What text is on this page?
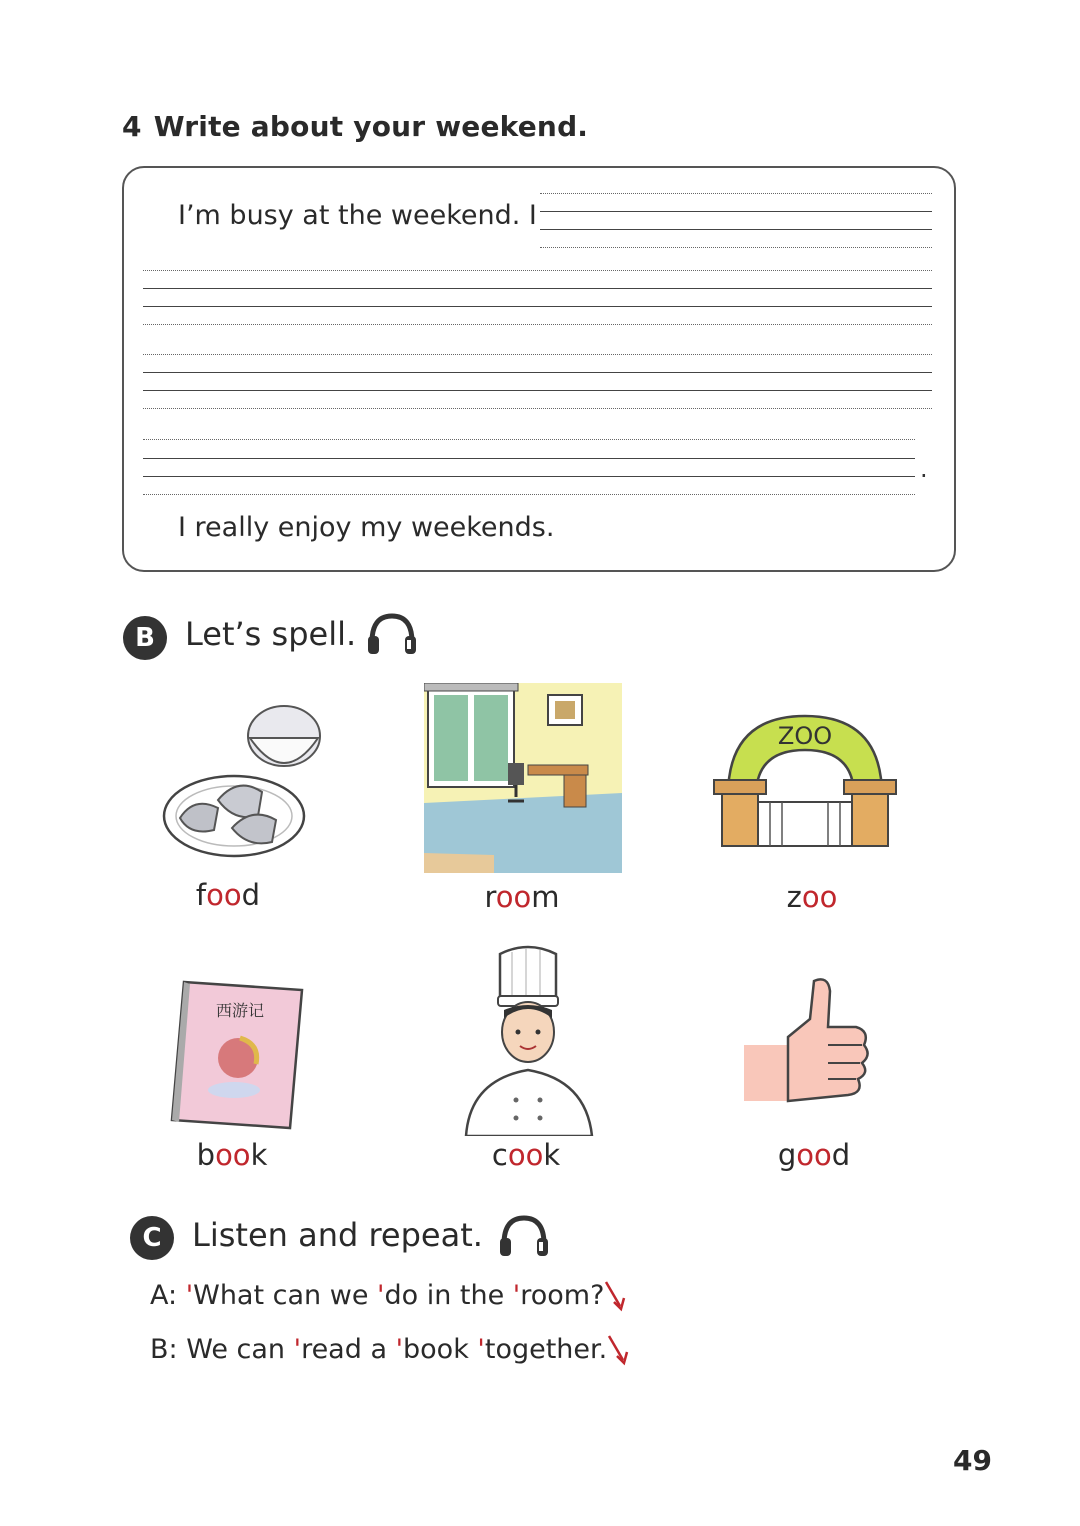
4 Write about your weekend.
I’m busy at the weekend. I
.
I really enjoy my weekends.
B Let’s spell.
ZOO
food	room	zoo
西游记
book	cook	good
C Listen and repeat.
A: 'What can we 'do in the 'room?
B: We can 'read a 'book 'together.
49
